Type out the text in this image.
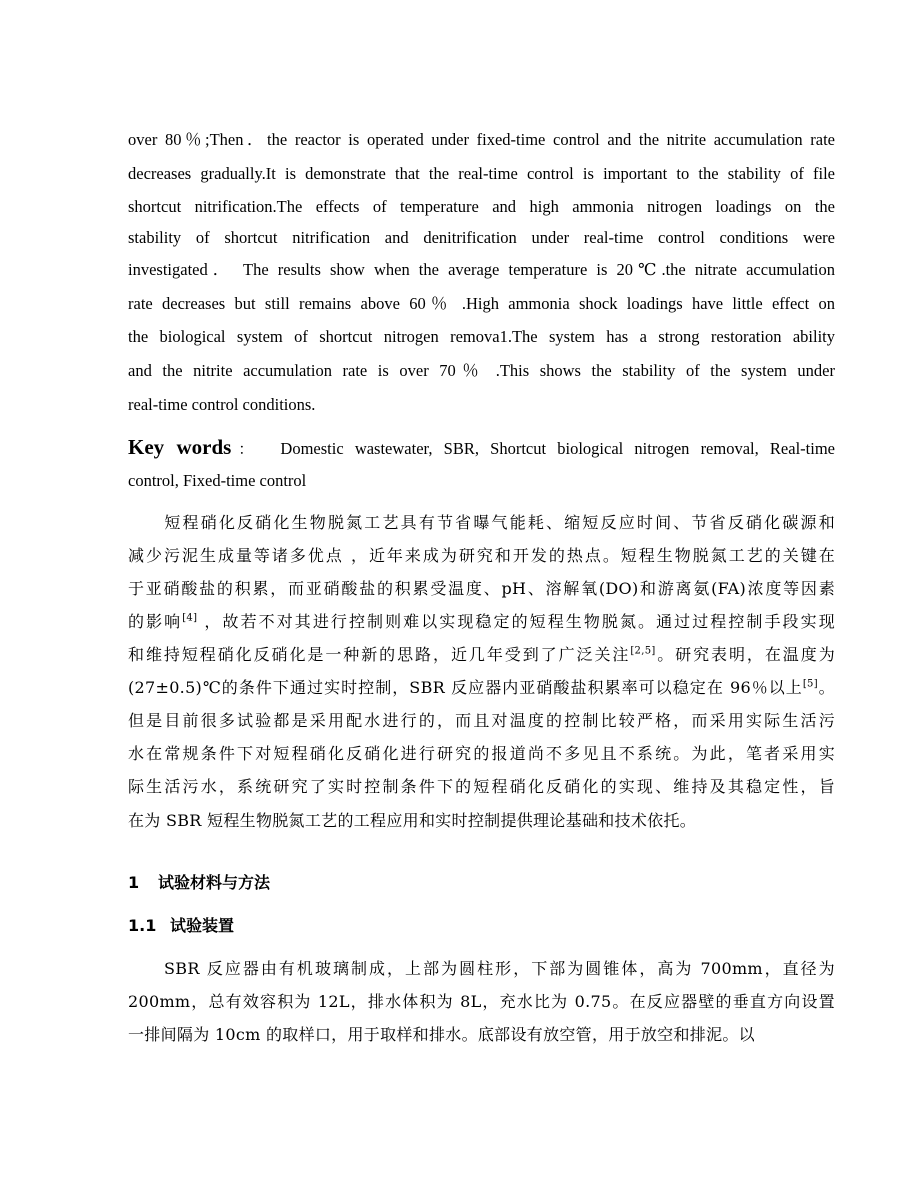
over 80％;Then．the reactor is operated under fixed-time control and the nitrite accumulation rate
decreases gradually.It is demonstrate that the real-time control is important to the stability of file
shortcut nitrification.The effects of temperature and high ammonia nitrogen loadings on the
stability of shortcut nitrification and denitrification under real-time control conditions were
investigated． The results show when the average temperature is 20℃.the nitrate accumulation
rate decreases but still remains above 60％ .High ammonia shock loadings have little effect on
the biological system of shortcut nitrogen remova1.The system has a strong restoration ability
and the nitrite accumulation rate is over 70％ .This shows the stability of the system under
real-time control conditions.
Key words： Domestic wastewater, SBR, Shortcut biological nitrogen removal, Real-time
control, Fixed-time control
　　短程硝化反硝化生物脱氮工艺具有节省曝气能耗、缩短反应时间、节省反硝化碳源和
减少污泥生成量等诸多优点 ，近年来成为研究和开发的热点。短程生物脱氮工艺的关键在
于亚硝酸盐的积累，而亚硝酸盐的积累受温度、pH、溶解氧(DO)和游离氨(FA)浓度等因素
的影响[4] ，故若不对其进行控制则难以实现稳定的短程生物脱氮。通过过程控制手段实现
和维持短程硝化反硝化是一种新的思路，近几年受到了广泛关注[2,5]。研究表明，在温度为
(27±0.5)℃的条件下通过实时控制，SBR 反应器内亚硝酸盐积累率可以稳定在 96％以上[5]。
但是目前很多试验都是采用配水进行的，而且对温度的控制比较严格，而采用实际生活污
水在常规条件下对短程硝化反硝化进行研究的报道尚不多见且不系统。为此，笔者采用实
际生活污水，系统研究了实时控制条件下的短程硝化反硝化的实现、维持及其稳定性，旨
在为 SBR 短程生物脱氮工艺的工程应用和实时控制提供理论基础和技术依托。
1 试验材料与方法
1.1 试验装置
　　SBR 反应器由有机玻璃制成，上部为圆柱形，下部为圆锥体，高为 700mm，直径为
200mm，总有效容积为 12L，排水体积为 8L，充水比为 0.75。在反应器壁的垂直方向设置
一排间隔为 10cm 的取样口，用于取样和排水。底部设有放空管，用于放空和排泥。以
